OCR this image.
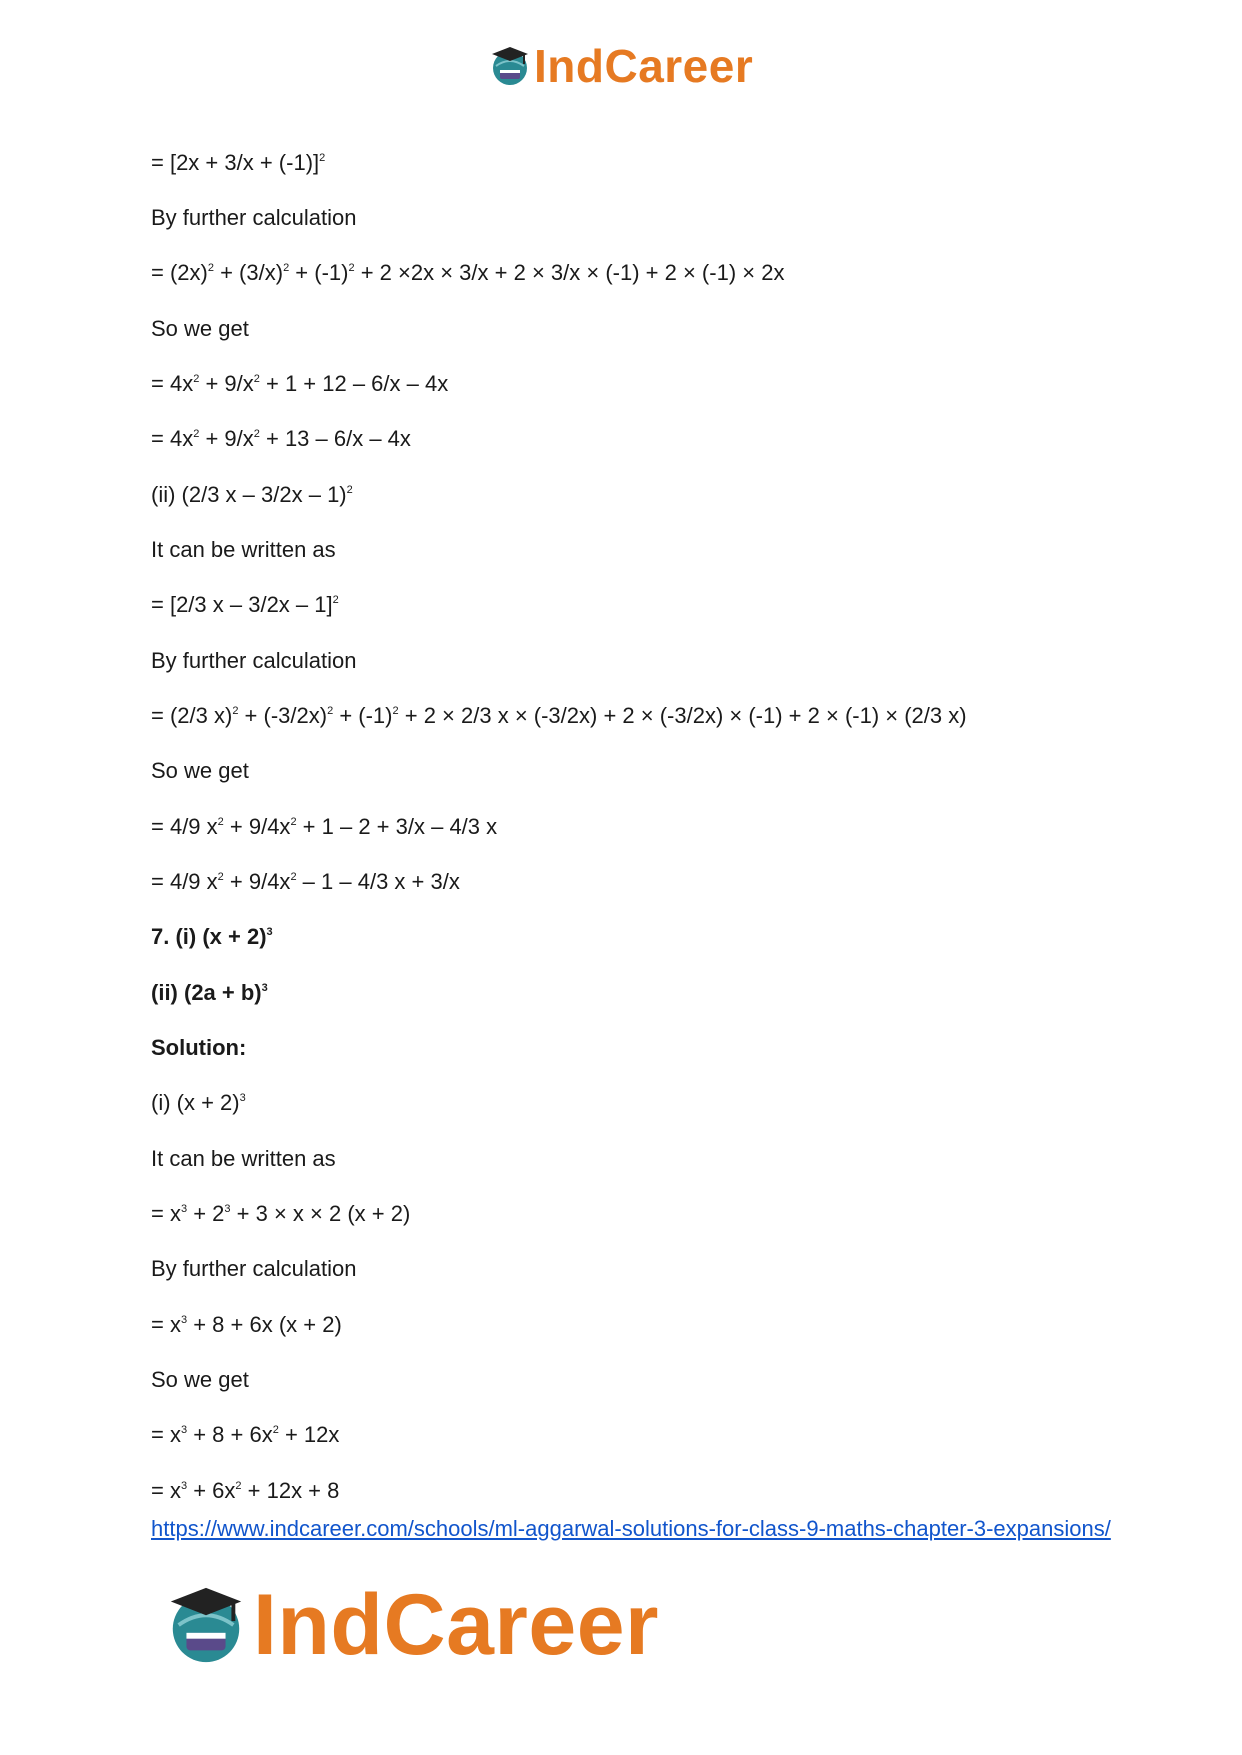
IndCareer
= $[2x + 3/x + (-1)]^2$
By further calculation
= $(2x)^2 + (3/x)^2 + (-1)^2 + 2 \times 2x \times 3/x + 2 \times 3/x \times (-1) + 2 \times (-1) \times 2x$
So we get
= $4x^2 + 9/x^2 + 1 + 12 - 6/x - 4x$
= $4x^2 + 9/x^2 + 13 - 6/x - 4x$
(ii) (2/3 x – 3/2x – 1)$^2$
It can be written as
= [2/3 x – 3/2x – 1]$^2$
By further calculation
= (2/3 $x)^2 + (-3/2x)^2 + (-1)^2 + 2 \times 2/3$ x × (-3/2x) + 2 × (-3/2x) × (-1) + 2 × (-1) × (2/3 x)
So we get
= 4/9 $x^2 + 9/4x^2 + 1 - 2 + 3/x - 4/3$ x
= 4/9 $x^2 + 9/4x^2 - 1 - 4/3$ x + 3/x
7. (i) $(x + 2)^3$
(ii) $(2a + b)^3$
Solution:
(i) $(x + 2)^3$
It can be written as
= $x^3 + 2^3 + 3 \times x \times 2$ (x + 2)
By further calculation
= $x^3 + 8 + 6x$ (x + 2)
So we get
= $x^3 + 8 + 6x^2 + 12x$
= $x^3 + 6x^2 + 12x + 8$
https://www.indcareer.com/schools/ml-aggarwal-solutions-for-class-9-maths-chapter-3-expansions/
IndCareer
